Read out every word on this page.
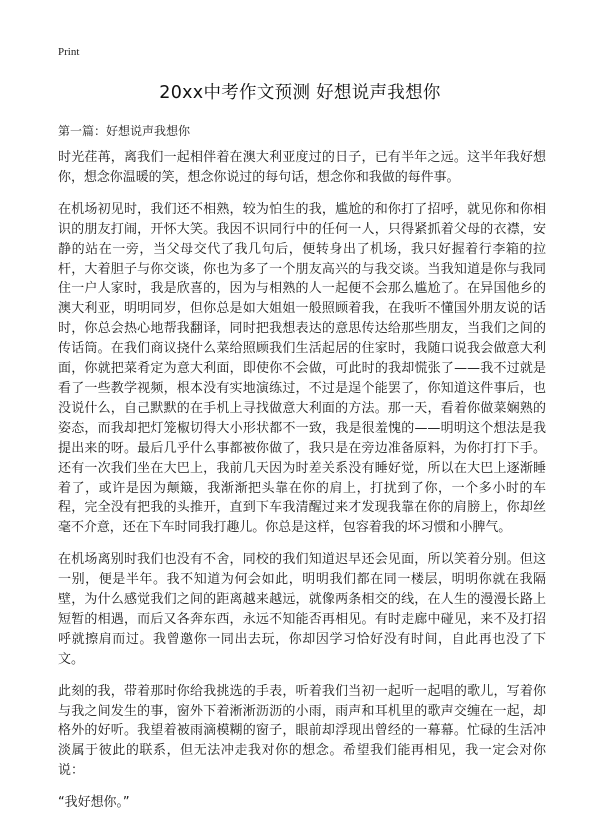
Print
20xx中考作文预测 好想说声我想你
第一篇：好想说声我想你

时光荏苒，离我们一起相伴着在澳大利亚度过的日子，已有半年之远。这半年我好想你，想念你温暖的笑，想念你说过的每句话，想念你和我做的每件事。

在机场初见时，我们还不相熟，较为怕生的我，尴尬的和你打了招呼，就见你和你相识的朋友打闹，开怀大笑。我因不识同行中的任何一人，只得紧抓着父母的衣襟，安静的站在一旁，当父母交代了我几句后，便转身出了机场，我只好握着行李箱的拉杆，大着胆子与你交谈，你也为多了一个朋友高兴的与我交谈。当我知道是你与我同住一户人家时，我是欣喜的，因为与相熟的人一起便不会那么尴尬了。在异国他乡的澳大利亚，明明同岁，但你总是如大姐姐一般照顾着我，在我听不懂国外朋友说的话时，你总会热心地帮我翻译，同时把我想表达的意思传达给那些朋友，当我们之间的传话筒。在我们商议挠什么菜给照顾我们生活起居的住家时，我随口说我会做意大利面，你就把菜肴定为意大利面，即使你不会做，可此时的我却慌张了——我不过就是看了一些教学视频，根本没有实地演练过，不过是逞个能罢了，你知道这件事后，也没说什么，自己默默的在手机上寻找做意大利面的方法。那一天，看着你做菜娴熟的姿态，而我却把灯笼椒切得大小形状都不一致，我是很羞愧的——明明这个想法是我提出来的呀。最后几乎什么事都被你做了，我只是在旁边准备原料，为你打打下手。还有一次我们坐在大巴上，我前几天因为时差关系没有睡好觉，所以在大巴上逐渐睡着了，或许是因为颠簸，我渐渐把头靠在你的肩上，打扰到了你，一个多小时的车程，完全没有把我的头推开，直到下车我清醒过来才发现我靠在你的肩膀上，你却丝毫不介意，还在下车时同我打趣儿。你总是这样，包容着我的坏习惯和小脾气。

在机场离别时我们也没有不舍，同校的我们知道迟早还会见面，所以笑着分别。但这一别，便是半年。我不知道为何会如此，明明我们都在同一楼层，明明你就在我隔壁，为什么感觉我们之间的距离越来越远，就像两条相交的线，在人生的漫漫长路上短暂的相遇，而后又各奔东西，永远不知能否再相见。有时走廊中碰见，来不及打招呼就擦肩而过。我曾邀你一同出去玩，你却因学习恰好没有时间，自此再也没了下文。

此刻的我，带着那时你给我挑选的手表，听着我们当初一起听一起唱的歌儿，写着你与我之间发生的事，窗外下着淅淅沥沥的小雨，雨声和耳机里的歌声交缠在一起，却格外的好听。我望着被雨滴模糊的窗子，眼前却浮现出曾经的一幕幕。忙碌的生活冲淡属于彼此的联系，但无法冲走我对你的想念。希望我们能再相见，我一定会对你说：

“我好想你。”
